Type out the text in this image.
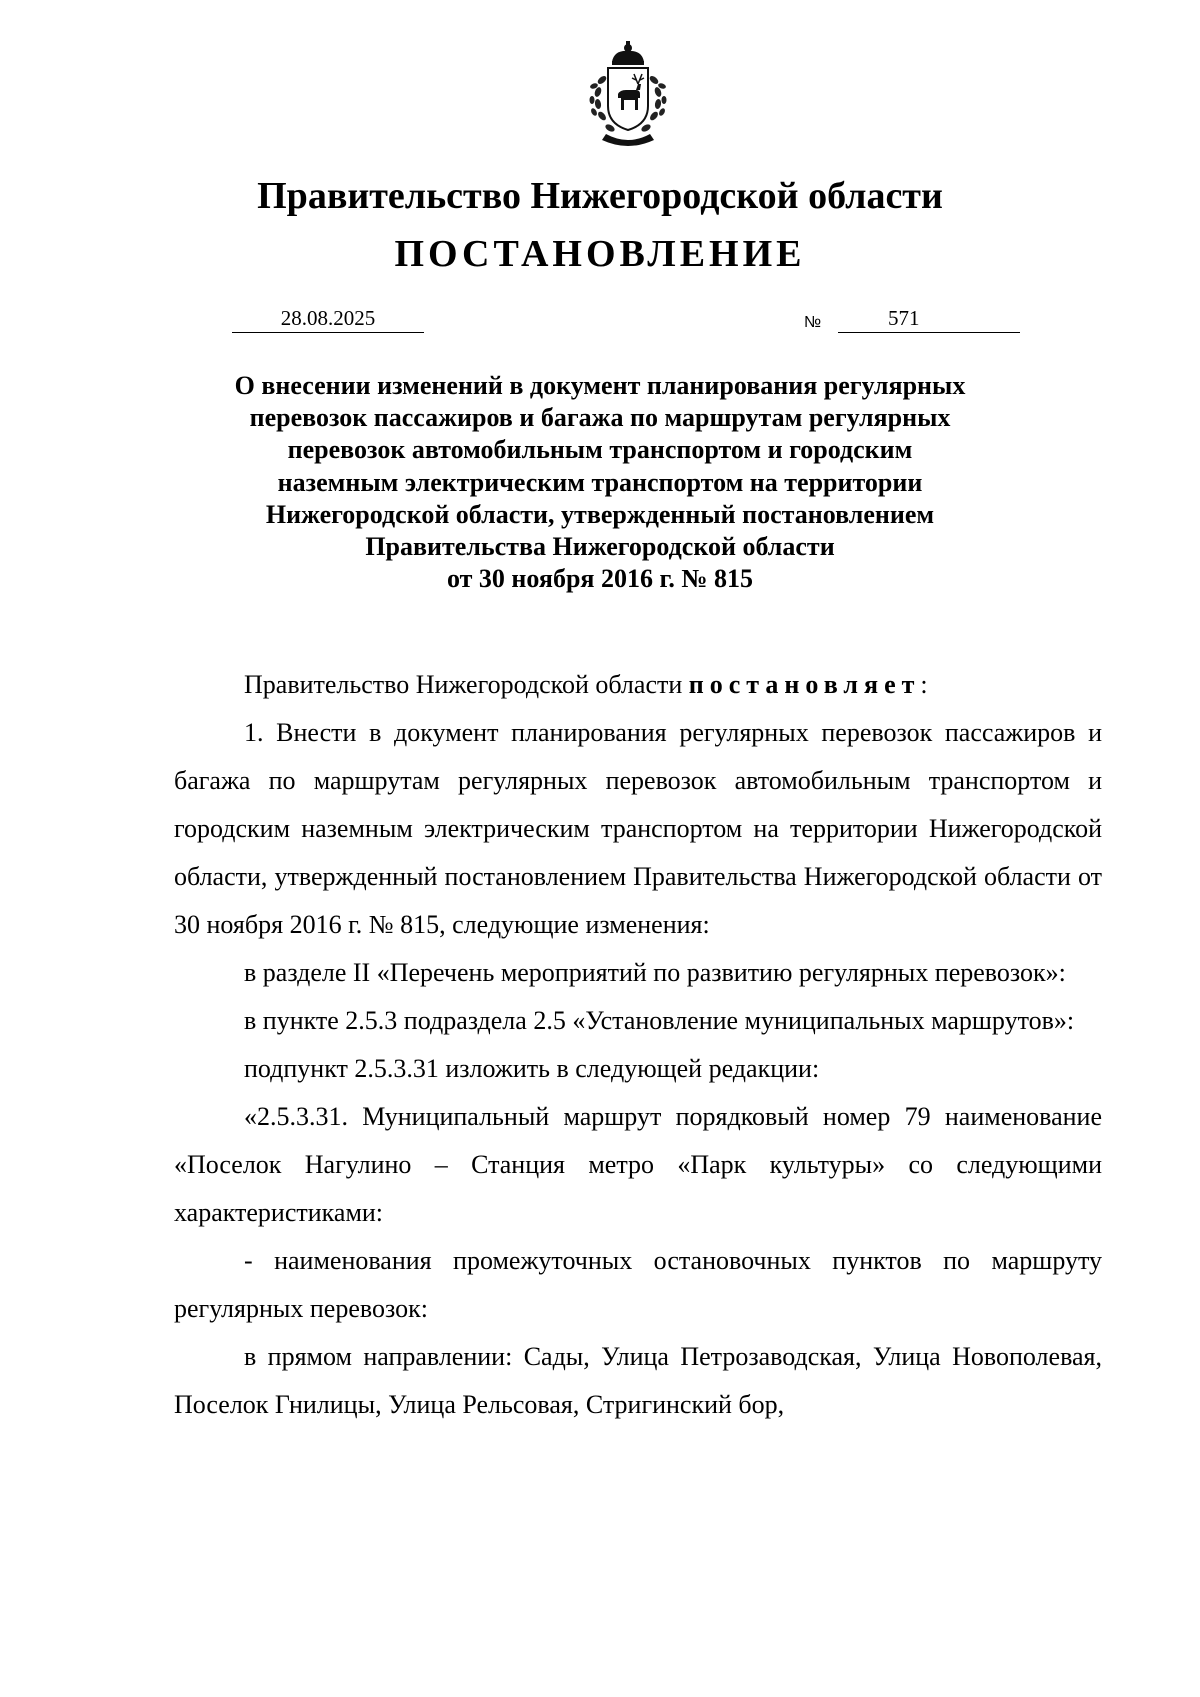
Правительство Нижегородской области
ПОСТАНОВЛЕНИЕ
28.08.2025	№	571
О внесении изменений в документ планирования регулярных
перевозок пассажиров и багажа по маршрутам регулярных
перевозок автомобильным транспортом и городским
наземным электрическим транспортом на территории
Нижегородской области, утвержденный постановлением
Правительства Нижегородской области
от 30 ноября 2016 г. № 815

Правительство Нижегородской области постановляет:

1. Внести в документ планирования регулярных перевозок пассажиров и багажа по маршрутам регулярных перевозок автомобильным транспортом и городским наземным электрическим транспортом на территории Нижегородской области, утвержденный постановлением Правительства Нижегородской области от 30 ноября 2016 г. № 815, следующие изменения:

в разделе II «Перечень мероприятий по развитию регулярных перевозок»:

в пункте 2.5.3 подраздела 2.5 «Установление муниципальных маршрутов»:

подпункт 2.5.3.31 изложить в следующей редакции:

«2.5.3.31. Муниципальный маршрут порядковый номер 79 наименование «Поселок Нагулино – Станция метро «Парк культуры» со следующими характеристиками:

- наименования промежуточных остановочных пунктов по маршруту регулярных перевозок:

в прямом направлении: Сады, Улица Петрозаводская, Улица Новополевая, Поселок Гнилицы, Улица Рельсовая, Стригинский бор,
